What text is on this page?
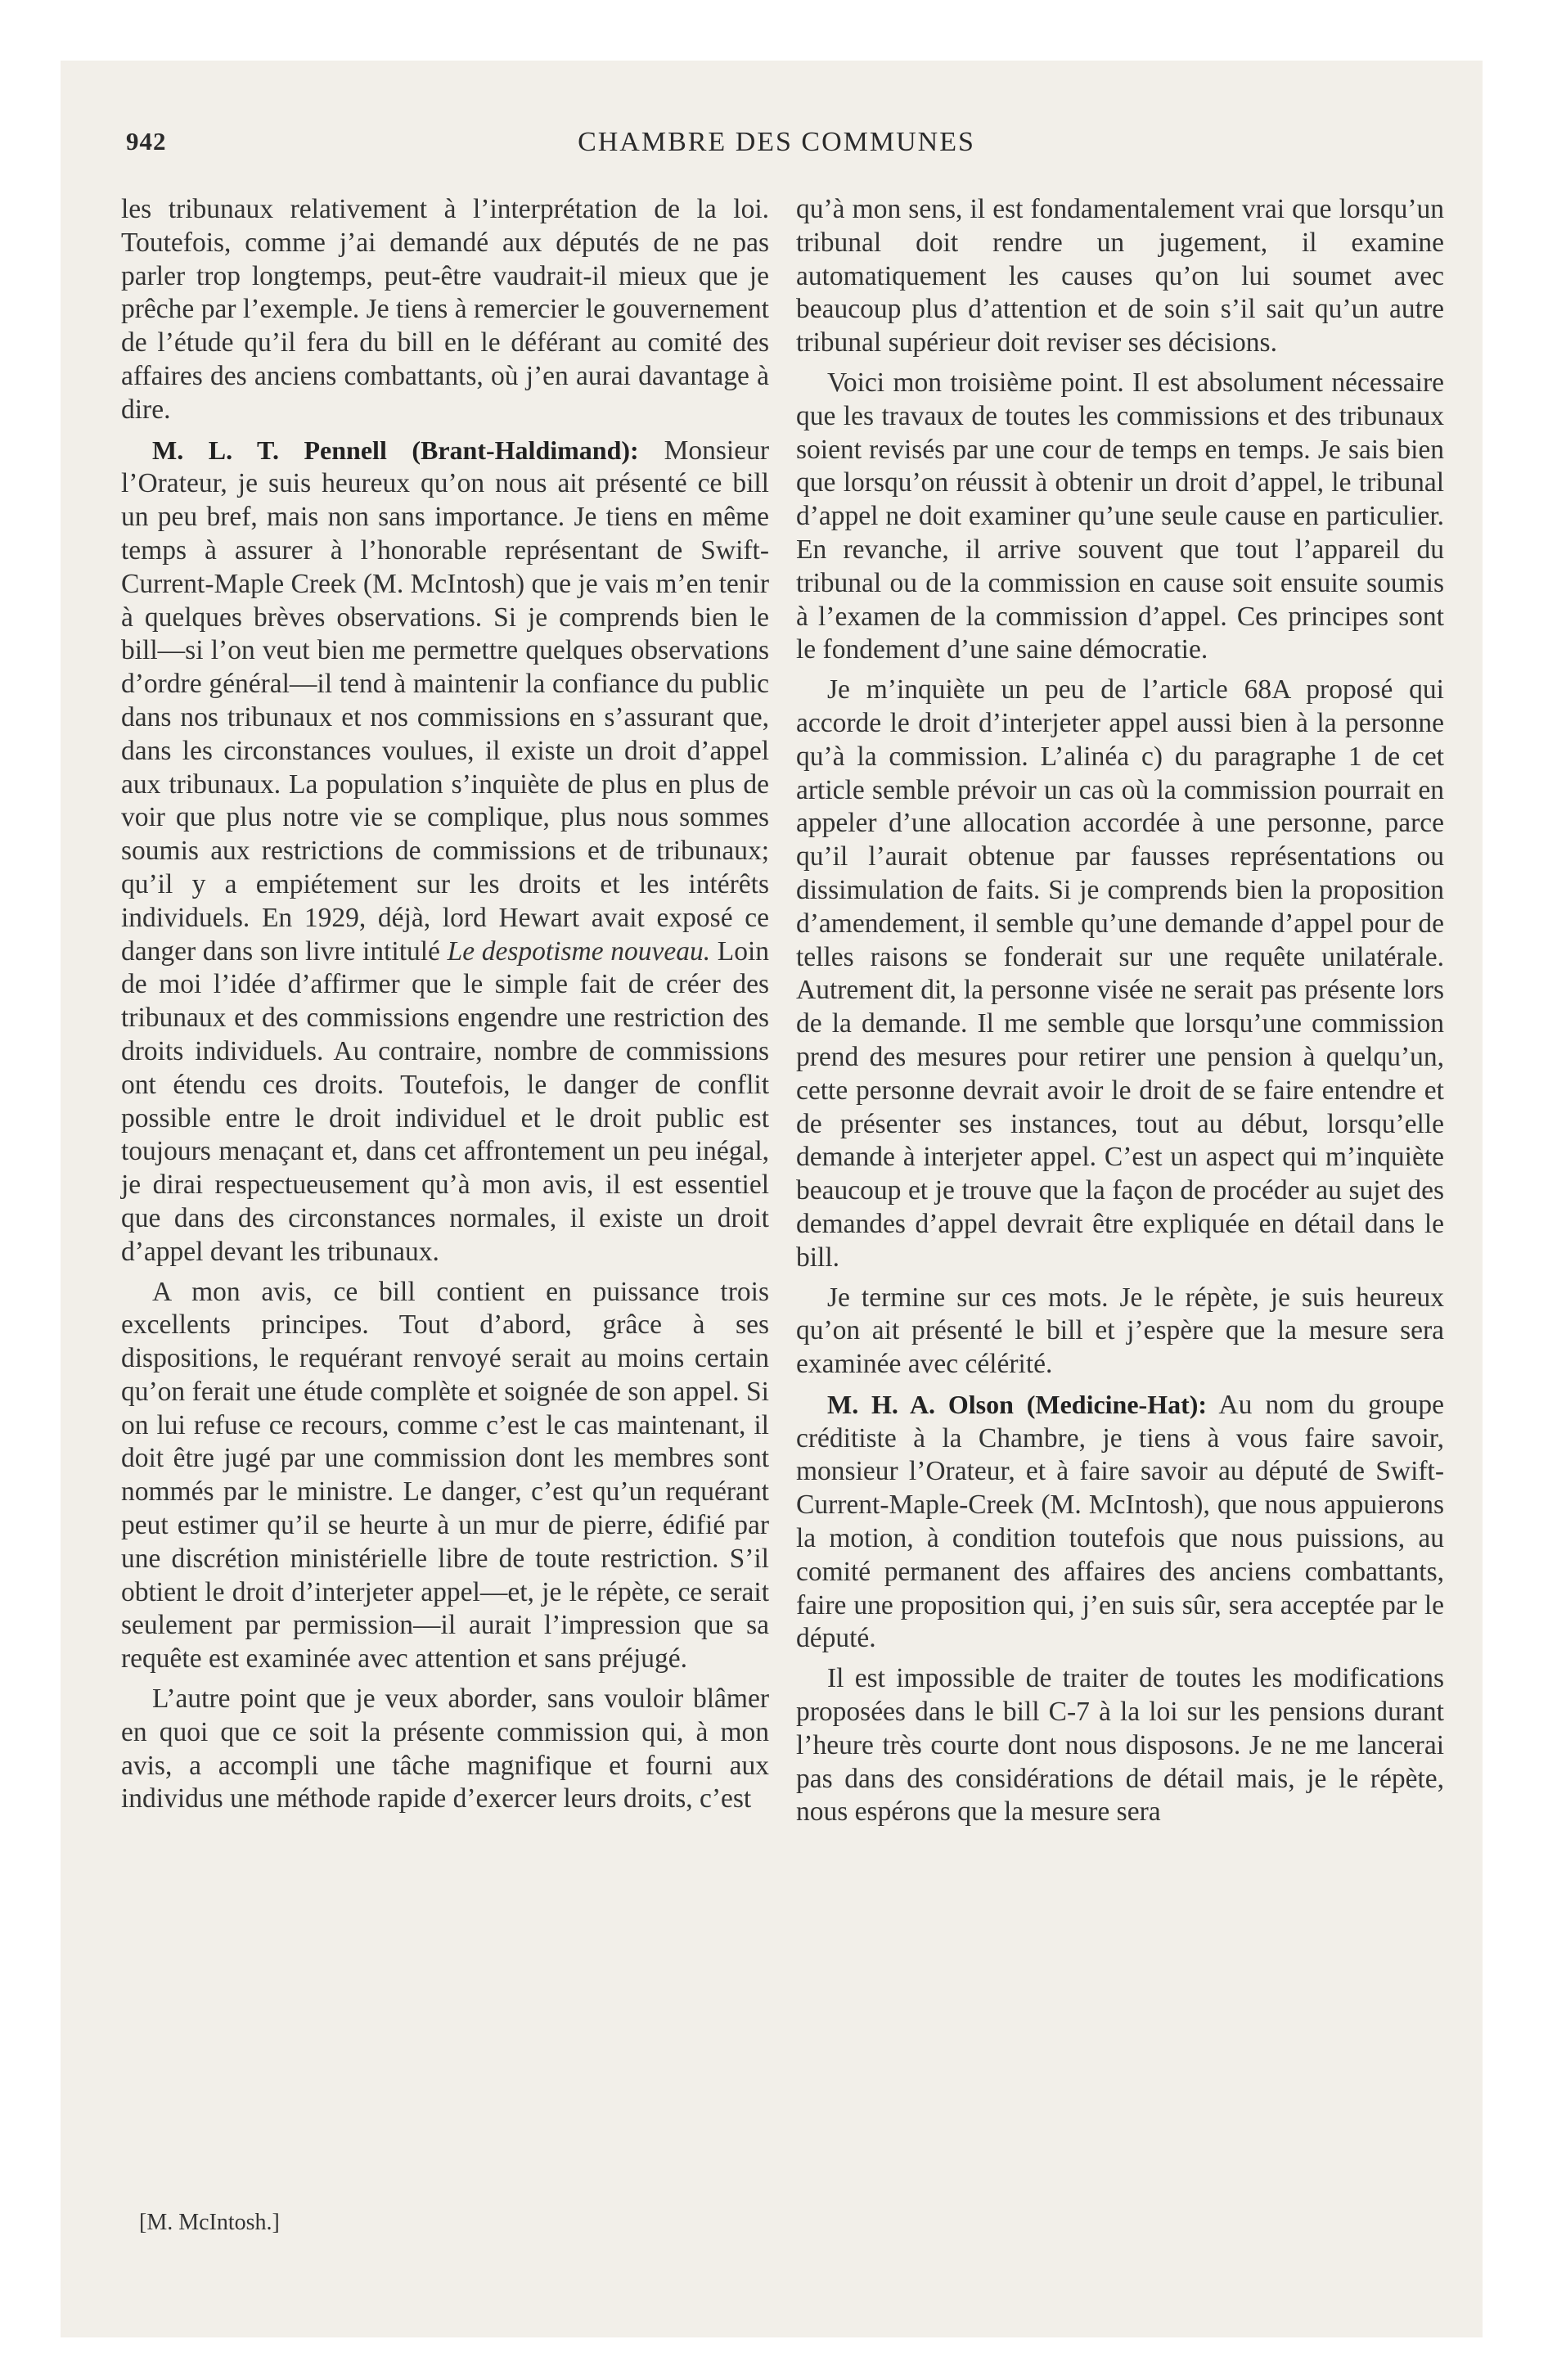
942	CHAMBRE DES COMMUNES

les tribunaux relativement à l’interprétation de la loi. Toutefois, comme j’ai demandé aux députés de ne pas parler trop longtemps, peut-être vaudrait-il mieux que je prêche par l’exemple. Je tiens à remercier le gouvernement de l’étude qu’il fera du bill en le déférant au comité des affaires des anciens combattants, où j’en aurai davantage à dire.

M. L. T. Pennell (Brant-Haldimand): Monsieur l’Orateur, je suis heureux qu’on nous ait présenté ce bill un peu bref, mais non sans importance. Je tiens en même temps à assurer à l’honorable représentant de Swift-Current-Maple Creek (M. McIntosh) que je vais m’en tenir à quelques brèves observations. Si je comprends bien le bill—si l’on veut bien me permettre quelques observations d’ordre général—il tend à maintenir la confiance du public dans nos tribunaux et nos commissions en s’assurant que, dans les circonstances voulues, il existe un droit d’appel aux tribunaux. La population s’inquiète de plus en plus de voir que plus notre vie se complique, plus nous sommes soumis aux restrictions de commissions et de tribunaux; qu’il y a empiétement sur les droits et les intérêts individuels. En 1929, déjà, lord Hewart avait exposé ce danger dans son livre intitulé Le despotisme nouveau. Loin de moi l’idée d’affirmer que le simple fait de créer des tribunaux et des commissions engendre une restriction des droits individuels. Au contraire, nombre de commissions ont étendu ces droits. Toutefois, le danger de conflit possible entre le droit individuel et le droit public est toujours menaçant et, dans cet affrontement un peu inégal, je dirai respectueusement qu’à mon avis, il est essentiel que dans des circonstances normales, il existe un droit d’appel devant les tribunaux.

A mon avis, ce bill contient en puissance trois excellents principes. Tout d’abord, grâce à ses dispositions, le requérant renvoyé serait au moins certain qu’on ferait une étude complète et soignée de son appel. Si on lui refuse ce recours, comme c’est le cas maintenant, il doit être jugé par une commission dont les membres sont nommés par le ministre. Le danger, c’est qu’un requérant peut estimer qu’il se heurte à un mur de pierre, édifié par une discrétion ministérielle libre de toute restriction. S’il obtient le droit d’interjeter appel—et, je le répète, ce serait seulement par permission—il aurait l’impression que sa requête est examinée avec attention et sans préjugé.

L’autre point que je veux aborder, sans vouloir blâmer en quoi que ce soit la présente commission qui, à mon avis, a accompli une tâche magnifique et fourni aux individus une méthode rapide d’exercer leurs droits, c’est

qu’à mon sens, il est fondamentalement vrai que lorsqu’un tribunal doit rendre un jugement, il examine automatiquement les causes qu’on lui soumet avec beaucoup plus d’attention et de soin s’il sait qu’un autre tribunal supérieur doit reviser ses décisions.

Voici mon troisième point. Il est absolument nécessaire que les travaux de toutes les commissions et des tribunaux soient revisés par une cour de temps en temps. Je sais bien que lorsqu’on réussit à obtenir un droit d’appel, le tribunal d’appel ne doit examiner qu’une seule cause en particulier. En revanche, il arrive souvent que tout l’appareil du tribunal ou de la commission en cause soit ensuite soumis à l’examen de la commission d’appel. Ces principes sont le fondement d’une saine démocratie.

Je m’inquiète un peu de l’article 68A proposé qui accorde le droit d’interjeter appel aussi bien à la personne qu’à la commission. L’alinéa c) du paragraphe 1 de cet article semble prévoir un cas où la commission pourrait en appeler d’une allocation accordée à une personne, parce qu’il l’aurait obtenue par fausses représentations ou dissimulation de faits. Si je comprends bien la proposition d’amendement, il semble qu’une demande d’appel pour de telles raisons se fonderait sur une requête unilatérale. Autrement dit, la personne visée ne serait pas présente lors de la demande. Il me semble que lorsqu’une commission prend des mesures pour retirer une pension à quelqu’un, cette personne devrait avoir le droit de se faire entendre et de présenter ses instances, tout au début, lorsqu’elle demande à interjeter appel. C’est un aspect qui m’inquiète beaucoup et je trouve que la façon de procéder au sujet des demandes d’appel devrait être expliquée en détail dans le bill.

Je termine sur ces mots. Je le répète, je suis heureux qu’on ait présenté le bill et j’espère que la mesure sera examinée avec célérité.

M. H. A. Olson (Medicine-Hat): Au nom du groupe créditiste à la Chambre, je tiens à vous faire savoir, monsieur l’Orateur, et à faire savoir au député de Swift-Current-Maple-Creek (M. McIntosh), que nous appuierons la motion, à condition toutefois que nous puissions, au comité permanent des affaires des anciens combattants, faire une proposition qui, j’en suis sûr, sera acceptée par le député.

Il est impossible de traiter de toutes les modifications proposées dans le bill C-7 à la loi sur les pensions durant l’heure très courte dont nous disposons. Je ne me lancerai pas dans des considérations de détail mais, je le répète, nous espérons que la mesure sera

[M. McIntosh.]
